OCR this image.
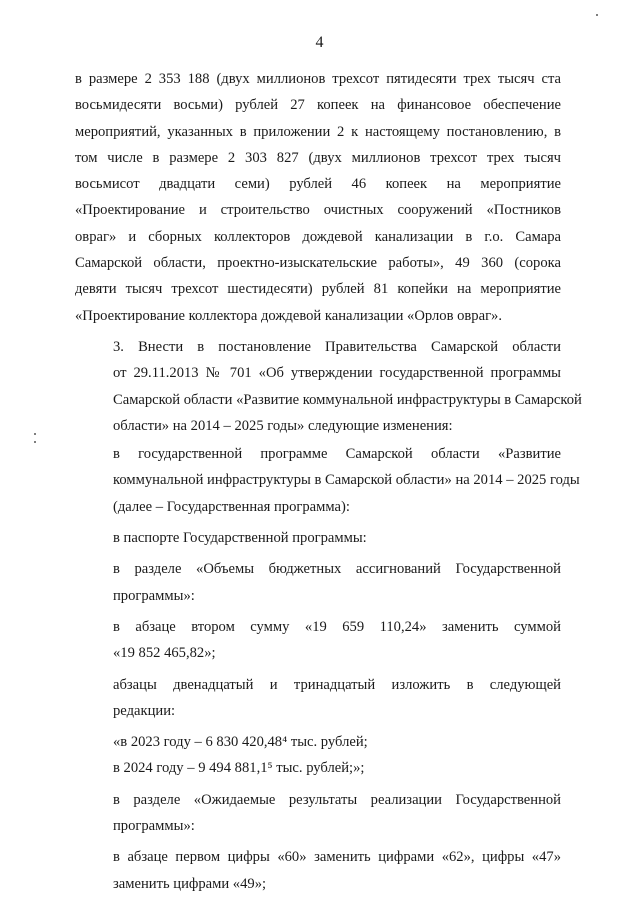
4

в размере 2 353 188 (двух миллионов трехсот пятидесяти трех тысяч ста
восьмидесяти восьми) рублей 27 копеек на финансовое обеспечение
мероприятий, указанных в приложении 2 к настоящему постановлению, в
том числе в размере 2 303 827 (двух миллионов трехсот трех тысяч
восьмисот двадцати семи) рублей 46 копеек на мероприятие
«Проектирование и строительство очистных сооружений «Постников
овраг» и сборных коллекторов дождевой канализации в г.о. Самара
Самарской области, проектно-изыскательские работы», 49 360 (сорока
девяти тысяч трехсот шестидесяти) рублей 81 копейки на мероприятие
«Проектирование коллектора дождевой канализации «Орлов овраг».

3. Внести в постановление Правительства Самарской области
от 29.11.2013 № 701 «Об утверждении государственной программы
Самарской области «Развитие коммунальной инфраструктуры в Самарской
области» на 2014 – 2025 годы» следующие изменения:

в государственной программе Самарской области «Развитие
коммунальной инфраструктуры в Самарской области» на 2014 – 2025 годы
(далее – Государственная программа):

в паспорте Государственной программы:

в разделе «Объемы бюджетных ассигнований Государственной
программы»:

в абзаце втором сумму «19 659 110,24» заменить суммой
«19 852 465,82»;

абзацы двенадцатый и тринадцатый изложить в следующей
редакции:

«в 2023 году – 6 830 420,48⁴ тыс. рублей;

в 2024 году – 9 494 881,1⁵ тыс. рублей;»;

в разделе «Ожидаемые результаты реализации Государственной
программы»:

в абзаце первом цифры «60» заменить цифрами «62», цифры «47»
заменить цифрами «49»;
